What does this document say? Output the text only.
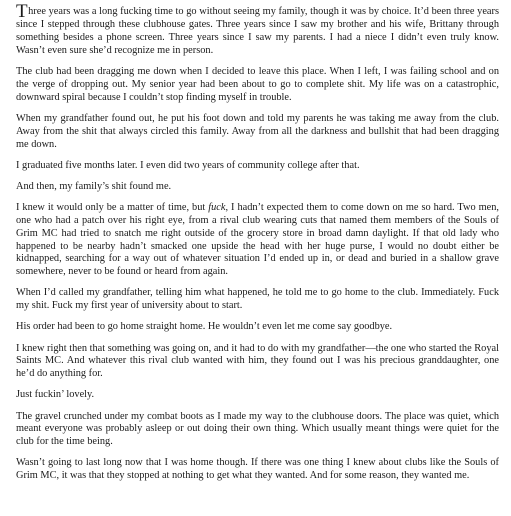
Three years was a long fucking time to go without seeing my family, though it was by choice. It’d been three years since I stepped through these clubhouse gates. Three years since I saw my brother and his wife, Brittany through something besides a phone screen. Three years since I saw my parents. I had a niece I didn’t even truly know. Wasn’t even sure she’d recognize me in person.

The club had been dragging me down when I decided to leave this place. When I left, I was failing school and on the verge of dropping out. My senior year had been about to go to complete shit. My life was on a catastrophic, downward spiral because I couldn’t stop finding myself in trouble.

When my grandfather found out, he put his foot down and told my parents he was taking me away from the club. Away from the shit that always circled this family. Away from all the darkness and bullshit that had been dragging me down.

I graduated five months later. I even did two years of community college after that.

And then, my family’s shit found me.

I knew it would only be a matter of time, but fuck, I hadn’t expected them to come down on me so hard. Two men, one who had a patch over his right eye, from a rival club wearing cuts that named them members of the Souls of Grim MC had tried to snatch me right outside of the grocery store in broad damn daylight. If that old lady who happened to be nearby hadn’t smacked one upside the head with her huge purse, I would no doubt either be kidnapped, searching for a way out of whatever situation I’d ended up in, or dead and buried in a shallow grave somewhere, never to be found or heard from again.

When I’d called my grandfather, telling him what happened, he told me to go home to the club. Immediately. Fuck my shit. Fuck my first year of university about to start.

His order had been to go home straight home. He wouldn’t even let me come say goodbye.

I knew right then that something was going on, and it had to do with my grandfather—the one who started the Royal Saints MC. And whatever this rival club wanted with him, they found out I was his precious granddaughter, one he’d do anything for.

Just fuckin’ lovely.

The gravel crunched under my combat boots as I made my way to the clubhouse doors. The place was quiet, which meant everyone was probably asleep or out doing their own thing. Which usually meant things were quiet for the club for the time being.

Wasn’t going to last long now that I was home though. If there was one thing I knew about clubs like the Souls of Grim MC, it was that they stopped at nothing to get what they wanted. And for some reason, they wanted me.
